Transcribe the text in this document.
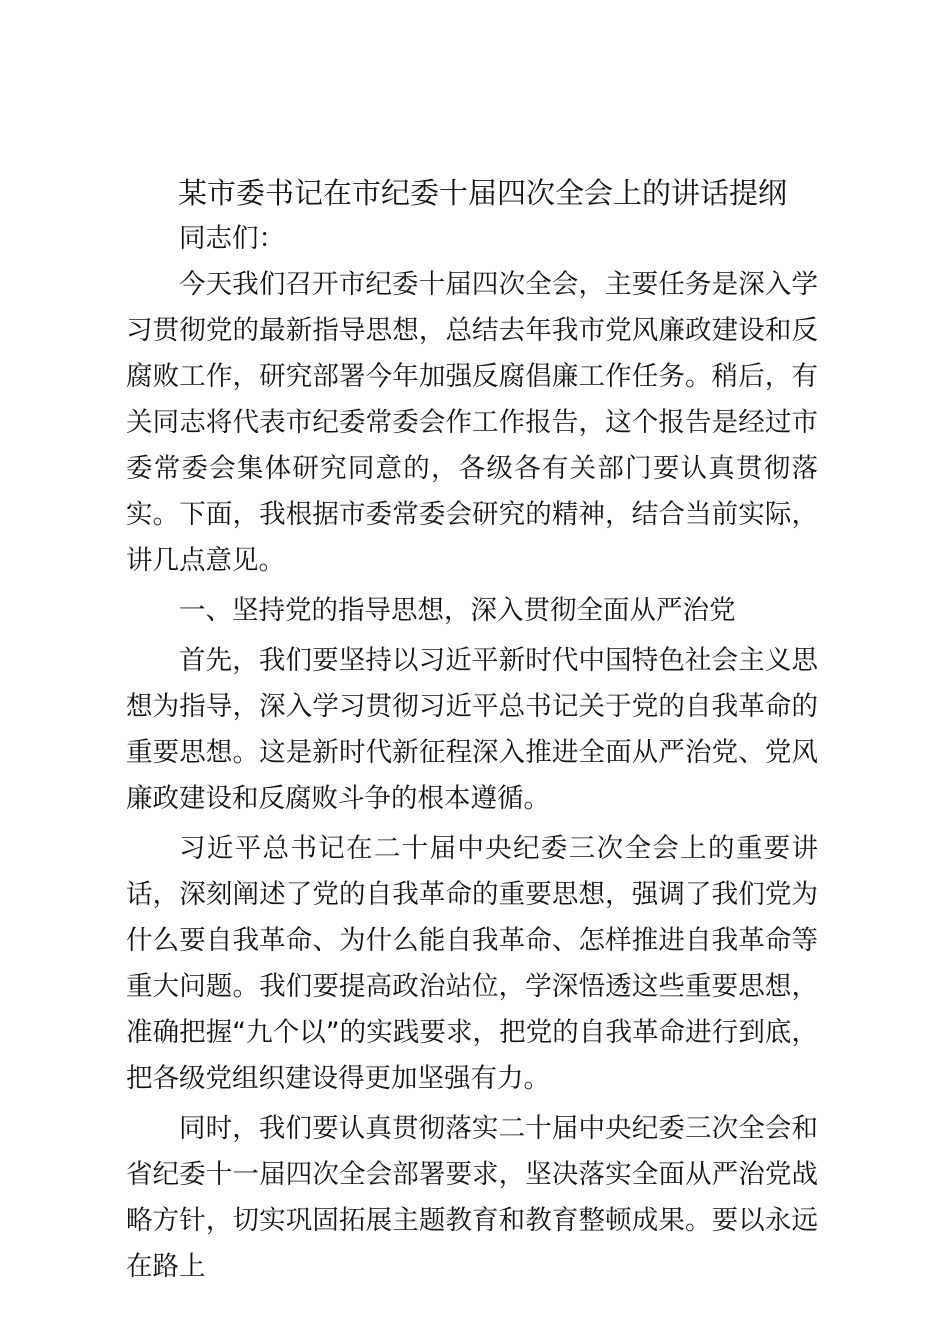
某市委书记在市纪委十届四次全会上的讲话提纲

同志们：

今天我们召开市纪委十届四次全会，主要任务是深入学习贯彻党的最新指导思想，总结去年我市党风廉政建设和反腐败工作，研究部署今年加强反腐倡廉工作任务。稍后，有关同志将代表市纪委常委会作工作报告，这个报告是经过市委常委会集体研究同意的，各级各有关部门要认真贯彻落实。下面，我根据市委常委会研究的精神，结合当前实际，讲几点意见。

一、坚持党的指导思想，深入贯彻全面从严治党

首先，我们要坚持以习近平新时代中国特色社会主义思想为指导，深入学习贯彻习近平总书记关于党的自我革命的重要思想。这是新时代新征程深入推进全面从严治党、党风廉政建设和反腐败斗争的根本遵循。

习近平总书记在二十届中央纪委三次全会上的重要讲话，深刻阐述了党的自我革命的重要思想，强调了我们党为什么要自我革命、为什么能自我革命、怎样推进自我革命等重大问题。我们要提高政治站位，学深悟透这些重要思想，准确把握“九个以”的实践要求，把党的自我革命进行到底，把各级党组织建设得更加坚强有力。

同时，我们要认真贯彻落实二十届中央纪委三次全会和省纪委十一届四次全会部署要求，坚决落实全面从严治党战略方针，切实巩固拓展主题教育和教育整顿成果。要以永远在路上
